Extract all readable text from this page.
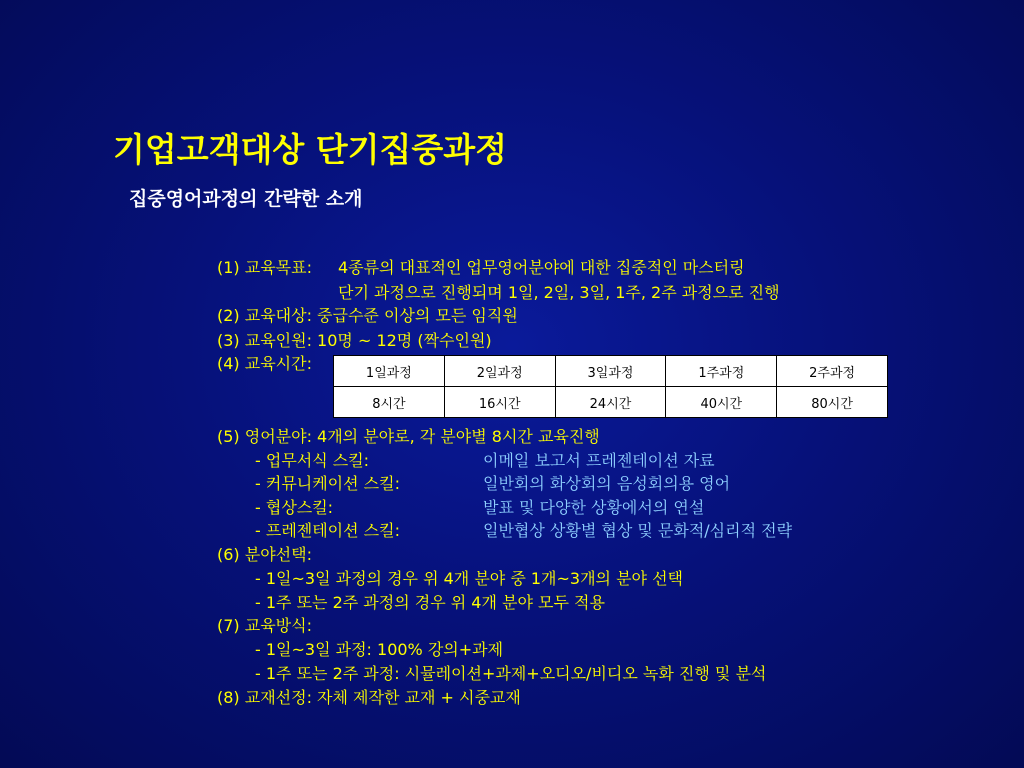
기업고객대상 단기집중과정
집중영어과정의 간략한 소개
(1) 교육목표: 4종류의 대표적인 업무영어분야에 대한 집중적인 마스터링
단기 과정으로 진행되며 1일, 2일, 3일, 1주, 2주 과정으로 진행
(2) 교육대상: 중급수준 이상의 모든 임직원
(3) 교육인원: 10명 ~ 12명 (짝수인원)
(4) 교육시간:	1일과정	2일과정	3일과정	1주과정	2주과정
8시간	16시간	24시간	40시간	80시간
(5) 영어분야: 4개의 분야로, 각 분야별 8시간 교육진행
- 업무서식 스킬:	이메일 보고서 프레젠테이션 자료
- 커뮤니케이션 스킬:	일반회의 화상회의 음성회의용 영어
- 협상스킬:	발표 및 다양한 상황에서의 연설
- 프레젠테이션 스킬:	일반협상 상황별 협상 및 문화적/심리적 전략
(6) 분야선택:
- 1일~3일 과정의 경우 위 4개 분야 중 1개~3개의 분야 선택
- 1주 또는 2주 과정의 경우 위 4개 분야 모두 적용
(7) 교육방식:
- 1일~3일 과정: 100% 강의+과제
- 1주 또는 2주 과정: 시뮬레이션+과제+오디오/비디오 녹화 진행 및 분석
(8) 교재선정: 자체 제작한 교재 + 시중교재
